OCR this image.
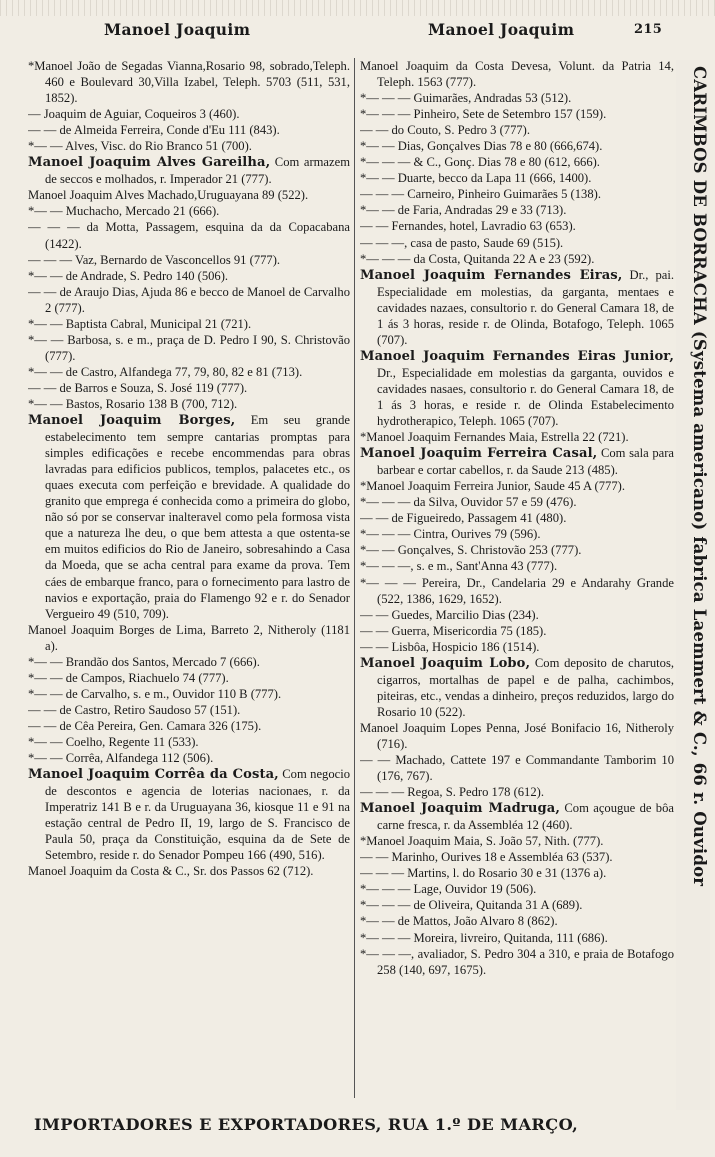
Manoel Joaquim	Manoel Joaquim	215

*Manoel João de Segadas Vianna,Rosario 98, sobrado,Teleph. 460 e Boulevard 30,Villa Izabel, Teleph. 5703 (511, 531, 1852).

— Joaquim de Aguiar, Coqueiros 3 (460).

— — de Almeida Ferreira, Conde d'Eu 111 (843).

*— — Alves, Visc. do Rio Branco 51 (700).

Manoel Joaquim Alves Gareilha, Com armazem de seccos e molhados, r. Imperador 21 (777).

Manoel Joaquim Alves Machado,Uruguayana 89 (522).

*— — Muchacho, Mercado 21 (666).

— — — da Motta, Passagem, esquina da da Copacabana (1422).

— — — Vaz, Bernardo de Vasconcellos 91 (777).

*— — de Andrade, S. Pedro 140 (506).

— — de Araujo Dias, Ajuda 86 e becco de Manoel de Carvalho 2 (777).

*— — Baptista Cabral, Municipal 21 (721).

*— — Barbosa, s. e m., praça de D. Pedro I 90, S. Christovão (777).

*— — de Castro, Alfandega 77, 79, 80, 82 e 81 (713).

— — de Barros e Souza, S. José 119 (777).

*— — Bastos, Rosario 138 B (700, 712).

Manoel Joaquim Borges, Em seu grande estabelecimento tem sempre cantarias promptas para simples edificações e recebe encommendas para obras lavradas para edificios publicos, templos, palacetes etc., os quaes executa com perfeição e brevidade. A qualidade do granito que emprega é conhecida como a primeira do globo, não só por se conservar inalteravel como pela formosa vista que a natureza lhe deu, o que bem attesta a que ostenta-se em muitos edificios do Rio de Janeiro, sobresahindo a Casa da Moeda, que se acha central para exame da prova. Tem cáes de embarque franco, para o fornecimento para lastro de navios e exportação, praia do Flamengo 92 e r. do Senador Vergueiro 49 (510, 709).

Manoel Joaquim Borges de Lima, Barreto 2, Nitheroly (1181 a).

*— — Brandão dos Santos, Mercado 7 (666).

*— — de Campos, Riachuelo 74 (777).

*— — de Carvalho, s. e m., Ouvidor 110 B (777).

— — de Castro, Retiro Saudoso 57 (151).

— — de Cêa Pereira, Gen. Camara 326 (175).

*— — Coelho, Regente 11 (533).

*— — Corrêa, Alfandega 112 (506).

Manoel Joaquim Corrêa da Costa, Com negocio de descontos e agencia de loterias nacionaes, r. da Imperatriz 141 B e r. da Uruguayana 36, kiosque 11 e 91 na estação central de Pedro II, 19, largo de S. Francisco de Paula 50, praça da Constituição, esquina da de Sete de Setembro, reside r. do Senador Pompeu 166 (490, 516).

Manoel Joaquim da Costa & C., Sr. dos Passos 62 (712).

Manoel Joaquim da Costa Devesa, Volunt. da Patria 14, Teleph. 1563 (777).

*— — — Guimarães, Andradas 53 (512).

*— — — Pinheiro, Sete de Setembro 157 (159).

— — do Couto, S. Pedro 3 (777).

*— — Dias, Gonçalves Dias 78 e 80 (666,674).

*— — — & C., Gonç. Dias 78 e 80 (612, 666).

*— — Duarte, becco da Lapa 11 (666, 1400).

— — — Carneiro, Pinheiro Guimarães 5 (138).

*— — de Faria, Andradas 29 e 33 (713).

— — Fernandes, hotel, Lavradio 63 (653).

— — —, casa de pasto, Saude 69 (515).

*— — — da Costa, Quitanda 22 A e 23 (592).

Manoel Joaquim Fernandes Eiras, Dr., pai. Especialidade em molestias, da garganta, mentaes e cavidades nazaes, consultorio r. do General Camara 18, de 1 ás 3 horas, reside r. de Olinda, Botafogo, Teleph. 1065 (707).

Manoel Joaquim Fernandes Eiras Junior, Dr., Especialidade em molestias da garganta, ouvidos e cavidades nasaes, consultorio r. do General Camara 18, de 1 ás 3 horas, e reside r. de Olinda Estabelecimento hydrotherapico, Teleph. 1065 (707).

*Manoel Joaquim Fernandes Maia, Estrella 22 (721).

Manoel Joaquim Ferreira Casal, Com sala para barbear e cortar cabellos, r. da Saude 213 (485).

*Manoel Joaquim Ferreira Junior, Saude 45 A (777).

*— — — da Silva, Ouvidor 57 e 59 (476).

— — de Figueiredo, Passagem 41 (480).

*— — — Cintra, Ourives 79 (596).

*— — Gonçalves, S. Christovão 253 (777).

*— — —, s. e m., Sant'Anna 43 (777).

*— — — Pereira, Dr., Candelaria 29 e Andarahy Grande (522, 1386, 1629, 1652).

— — Guedes, Marcilio Dias (234).

— — Guerra, Misericordia 75 (185).

— — Lisbôa, Hospicio 186 (1514).

Manoel Joaquim Lobo, Com deposito de charutos, cigarros, mortalhas de papel e de palha, cachimbos, piteiras, etc., vendas a dinheiro, preços reduzidos, largo do Rosario 10 (522).

Manoel Joaquim Lopes Penna, José Bonifacio 16, Nitheroly (716).

— — Machado, Cattete 197 e Commandante Tamborim 10 (176, 767).

— — — Regoa, S. Pedro 178 (612).

Manoel Joaquim Madruga, Com açougue de bôa carne fresca, r. da Assembléa 12 (460).

*Manoel Joaquim Maia, S. João 57, Nith. (777).

— — Marinho, Ourives 18 e Assembléa 63 (537).

— — — Martins, l. do Rosario 30 e 31 (1376 a).

*— — — Lage, Ouvidor 19 (506).

*— — — de Oliveira, Quitanda 31 A (689).

*— — de Mattos, João Alvaro 8 (862).

*— — — Moreira, livreiro, Quitanda, 111 (686).

*— — —, avaliador, S. Pedro 304 a 310, e praia de Botafogo 258 (140, 697, 1675).

CARIMBOS DE BORRACHA (Systema americano) fabrica Laemmert & C., 66 r. Ouvidor
IMPORTADORES E EXPORTADORES, RUA 1.º DE MARÇO,
